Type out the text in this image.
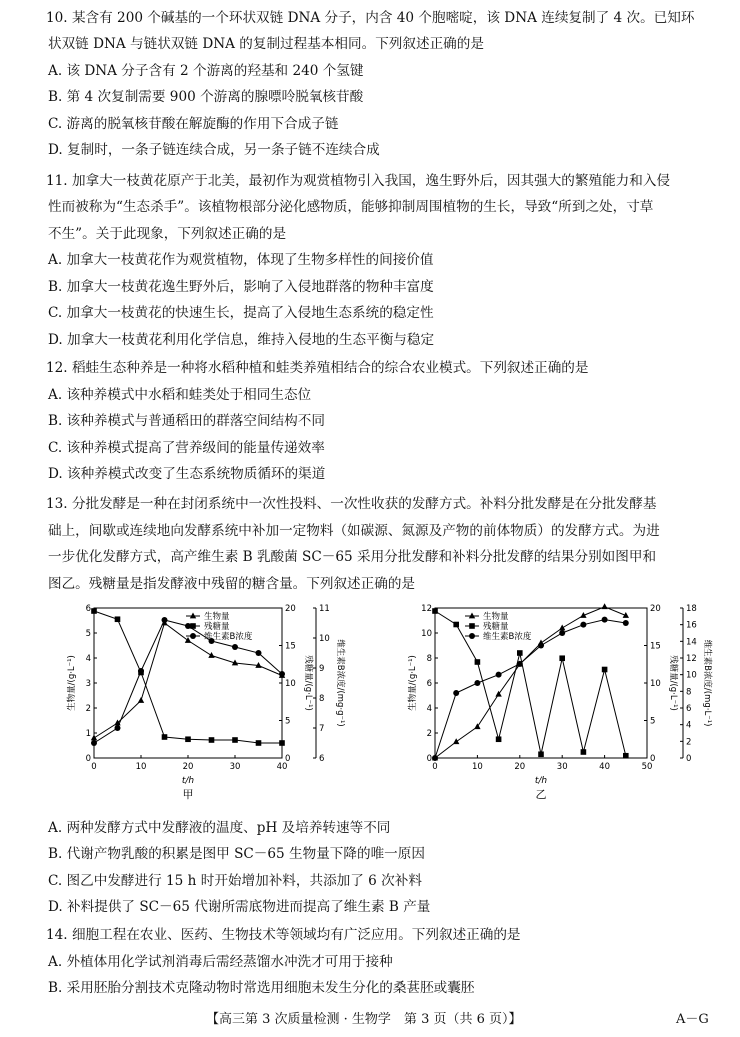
10. 某含有 200 个碱基的一个环状双链 DNA 分子，内含 40 个胞嘧啶，该 DNA 连续复制了 4 次。已知环
状双链 DNA 与链状双链 DNA 的复制过程基本相同。下列叙述正确的是
A. 该 DNA 分子含有 2 个游离的羟基和 240 个氢键
B. 第 4 次复制需要 900 个游离的腺嘌呤脱氧核苷酸
C. 游离的脱氧核苷酸在解旋酶的作用下合成子链
D. 复制时，一条子链连续合成，另一条子链不连续合成
11. 加拿大一枝黄花原产于北美，最初作为观赏植物引入我国，逸生野外后，因其强大的繁殖能力和入侵
性而被称为“生态杀手”。该植物根部分泌化感物质，能够抑制周围植物的生长，导致“所到之处，寸草
不生”。关于此现象，下列叙述正确的是
A. 加拿大一枝黄花作为观赏植物，体现了生物多样性的间接价值
B. 加拿大一枝黄花逸生野外后，影响了入侵地群落的物种丰富度
C. 加拿大一枝黄花的快速生长，提高了入侵地生态系统的稳定性
D. 加拿大一枝黄花利用化学信息，维持入侵地的生态平衡与稳定
12. 稻蛙生态种养是一种将水稻种植和蛙类养殖相结合的综合农业模式。下列叙述正确的是
A. 该种养模式中水稻和蛙类处于相同生态位
B. 该种养模式与普通稻田的群落空间结构不同
C. 该种养模式提高了营养级间的能量传递效率
D. 该种养模式改变了生态系统物质循环的渠道
13. 分批发酵是一种在封闭系统中一次性投料、一次性收获的发酵方式。补料分批发酵是在分批发酵基
础上，间歇或连续地向发酵系统中补加一定物料（如碳源、氮源及产物的前体物质）的发酵方式。为进
一步优化发酵方式，高产维生素 B 乳酸菌 SC－65 采用分批发酵和补料分批发酵的结果分别如图甲和
图乙。残糖量是指发酵液中残留的糖含量。下列叙述正确的是
0	10	20	30	40
t/h
甲
0
1
2
3
4
5
6
生物量/(g·L⁻¹)
0
5
10
15
20
残糖量/(g·L⁻¹)
6
7
8
9
10
11
维生素B浓度/(mg·g⁻¹)
生物量
残糖量
维生素B浓度
0	10	20	30	40	50
t/h
乙
0
2
4
6
8
10
12
生物量/(g·L⁻¹)
0
5
10
15
20
残糖量/(g·L⁻¹)
0
2
4
6
8
10
12
14
16
18
维生素B浓度/(mg·L⁻¹)
生物量
残糖量
维生素B浓度
A. 两种发酵方式中发酵液的温度、pH 及培养转速等不同
B. 代谢产物乳酸的积累是图甲 SC－65 生物量下降的唯一原因
C. 图乙中发酵进行 15 h 时开始增加补料，共添加了 6 次补料
D. 补料提供了 SC－65 代谢所需底物进而提高了维生素 B 产量
14. 细胞工程在农业、医药、生物技术等领域均有广泛应用。下列叙述正确的是
A. 外植体用化学试剂消毒后需经蒸馏水冲洗才可用于接种
B. 采用胚胎分割技术克隆动物时常选用细胞未发生分化的桑葚胚或囊胚
【高三第 3 次质量检测 · 生物学　第 3 页（共 6 页）】	A－G
